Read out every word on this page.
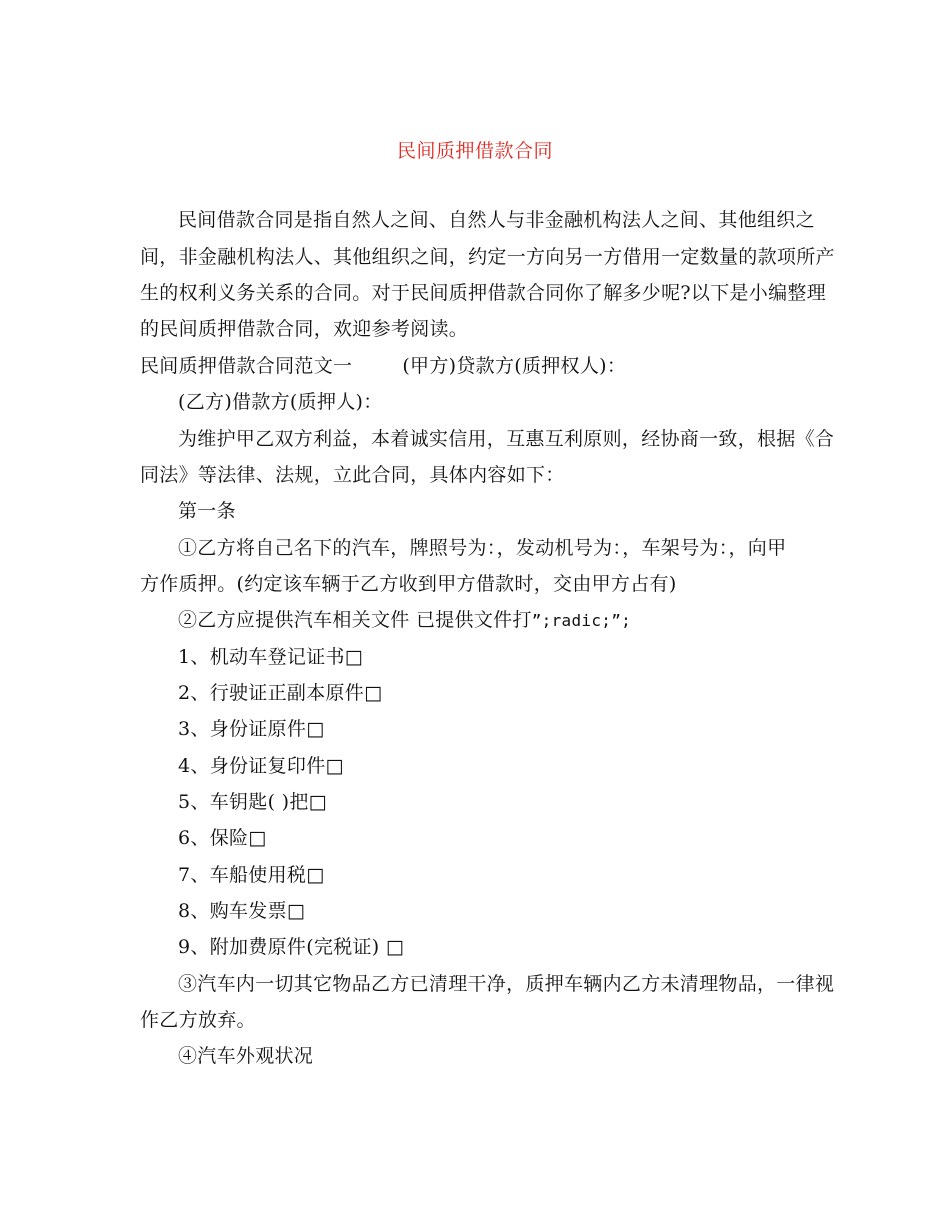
民间质押借款合同
民间借款合同是指自然人之间、自然人与非金融机构法人之间、其他组织之
间，非金融机构法人、其他组织之间，约定一方向另一方借用一定数量的款项所产
生的权利义务关系的合同。对于民间质押借款合同你了解多少呢?以下是小编整理
的民间质押借款合同，欢迎参考阅读。
民间质押借款合同范文一	(甲方)贷款方(质押权人)：
(乙方)借款方(质押人)：
为维护甲乙双方利益，本着诚实信用，互惠互利原则，经协商一致，根据《合
同法》等法律、法规，立此合同，具体内容如下：
第一条
①乙方将自己名下的汽车，牌照号为：，发动机号为：，车架号为：，向甲
方作质押。(约定该车辆于乙方收到甲方借款时，交由甲方占有)
②乙方应提供汽车相关文件 已提供文件打”;radic;”;
1、机动车登记证书□
2、行驶证正副本原件□
3、身份证原件□
4、身份证复印件□
5、车钥匙( )把□
6、保险□
7、车船使用税□
8、购车发票□
9、附加费原件(完税证) □
③汽车内一切其它物品乙方已清理干净，质押车辆内乙方未清理物品，一律视
作乙方放弃。
④汽车外观状况
